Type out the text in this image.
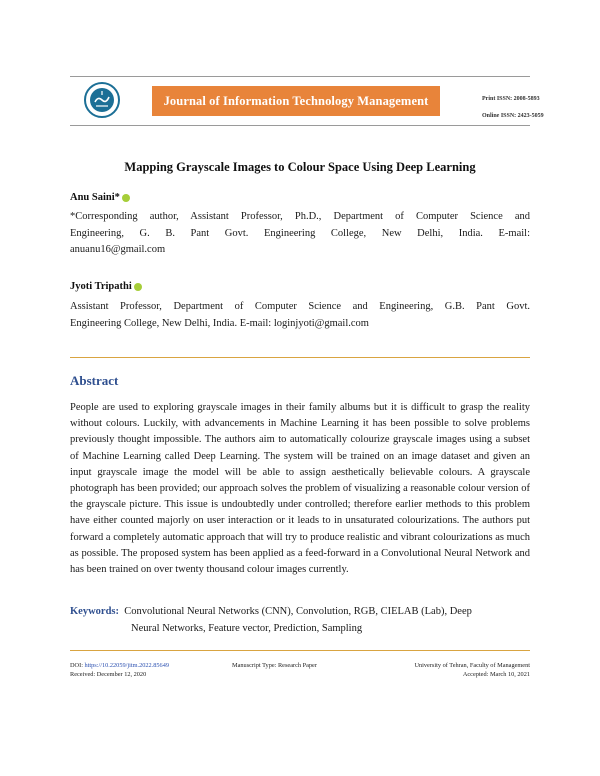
Journal of Information Technology Management	Print ISSN: 2008-5893
Online ISSN: 2423-5059
Mapping Grayscale Images to Colour Space Using Deep Learning
Anu Saini*
*Corresponding author, Assistant Professor, Ph.D., Department of Computer Science and
Engineering, G. B. Pant Govt. Engineering College, New Delhi, India. E-mail:
anuanu16@gmail.com
Jyoti Tripathi
Assistant Professor, Department of Computer Science and Engineering, G.B. Pant Govt.
Engineering College, New Delhi, India. E-mail: loginjyoti@gmail.com
Abstract
People are used to exploring grayscale images in their family albums but it is difficult to grasp the reality without colours. Luckily, with advancements in Machine Learning it has been possible to solve problems previously thought impossible. The authors aim to automatically colourize grayscale images using a subset of Machine Learning called Deep Learning. The system will be trained on an image dataset and given an input grayscale image the model will be able to assign aesthetically believable colours. A grayscale photograph has been provided; our approach solves the problem of visualizing a reasonable colour version of the grayscale picture. This issue is undoubtedly under controlled; therefore earlier methods to this problem have either counted majorly on user interaction or it leads to in unsaturated colourizations. The authors put forward a completely automatic approach that will try to produce realistic and vibrant colourizations as much as possible. The proposed system has been applied as a feed-forward in a Convolutional Neural Network and has been trained on over twenty thousand colour images currently.
Keywords: Convolutional Neural Networks (CNN), Convolution, RGB, CIELAB (Lab), Deep
Neural Networks, Feature vector, Prediction, Sampling
DOI: https://10.22059/jitm.2022.85649
Received: December 12, 2020
Manuscript Type: Research Paper	University of Tehran, Faculty of Management
Accepted: March 10, 2021
